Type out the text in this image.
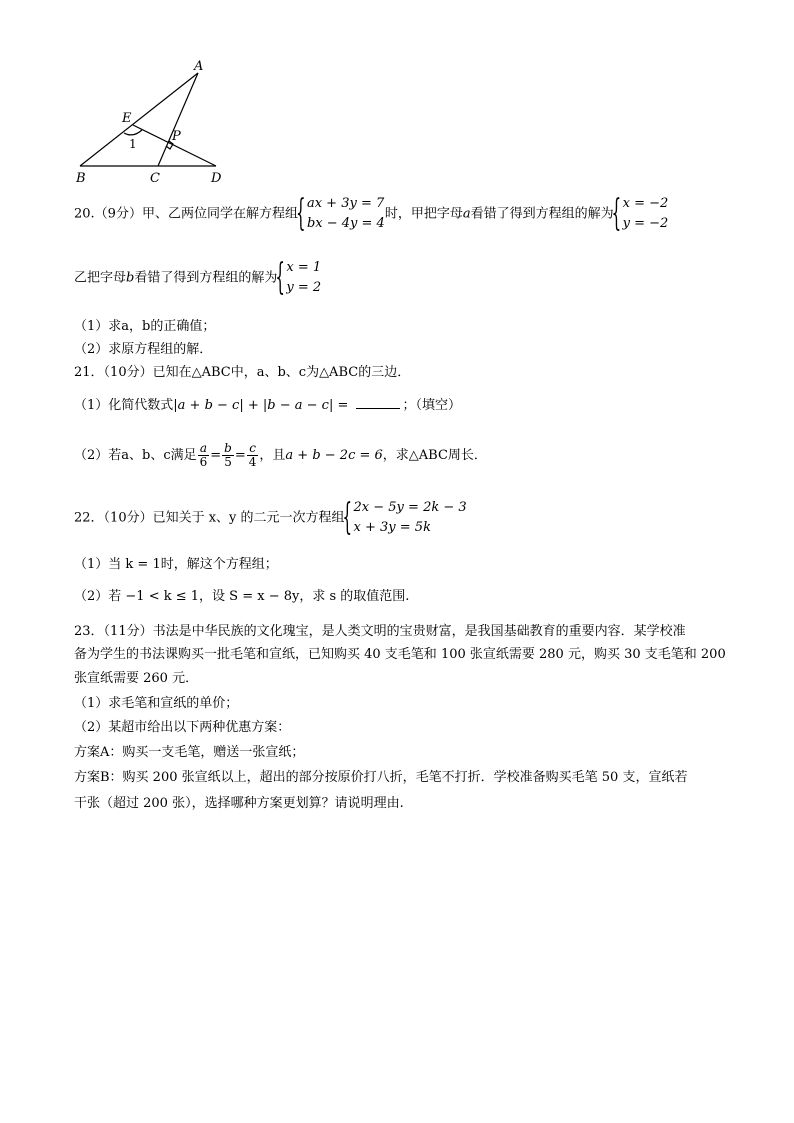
A
E
P
1
B	C	D
20.（9分）甲、乙两位同学在解方程组
{ ax + 3y = 7
bx − 4y = 4
时，甲把字母a看错了得到方程组的解为
{ x = −2
y = −2
乙把字母b看错了得到方程组的解为
{ x = 1
y = 2
（1）求a，b的正确值；
（2）求原方程组的解．
21．（10分）已知在△ABC中，a、b、c为△ABC的三边．
（1）化简代数式|a + b − c| + |b − a − c| =	；（填空）
（2）若a、b、c满足 $\frac{a}{6} = \frac{b}{5} = \frac{c}{4}$ ，且a + b − 2c = 6，求△ABC周长．
22．（10分）已知关于 x、y 的二元一次方程组
{ 2x − 5y = 2k − 3
x + 3y = 5k
（1）当 k = 1时，解这个方程组；
（2）若 −1 < k ≤ 1，设 S = x − 8y，求 s 的取值范围.
23．（11分）书法是中华民族的文化瑰宝，是人类文明的宝贵财富，是我国基础教育的重要内容．某学校准
备为学生的书法课购买一批毛笔和宣纸，已知购买 40 支毛笔和 100 张宣纸需要 280 元，购买 30 支毛笔和 200
张宣纸需要 260 元．
（1）求毛笔和宣纸的单价；
（2）某超市给出以下两种优惠方案：
方案A：购买一支毛笔，赠送一张宣纸；
方案B：购买 200 张宣纸以上，超出的部分按原价打八折，毛笔不打折．学校准备购买毛笔 50 支，宣纸若
干张（超过 200 张），选择哪种方案更划算？请说明理由.
